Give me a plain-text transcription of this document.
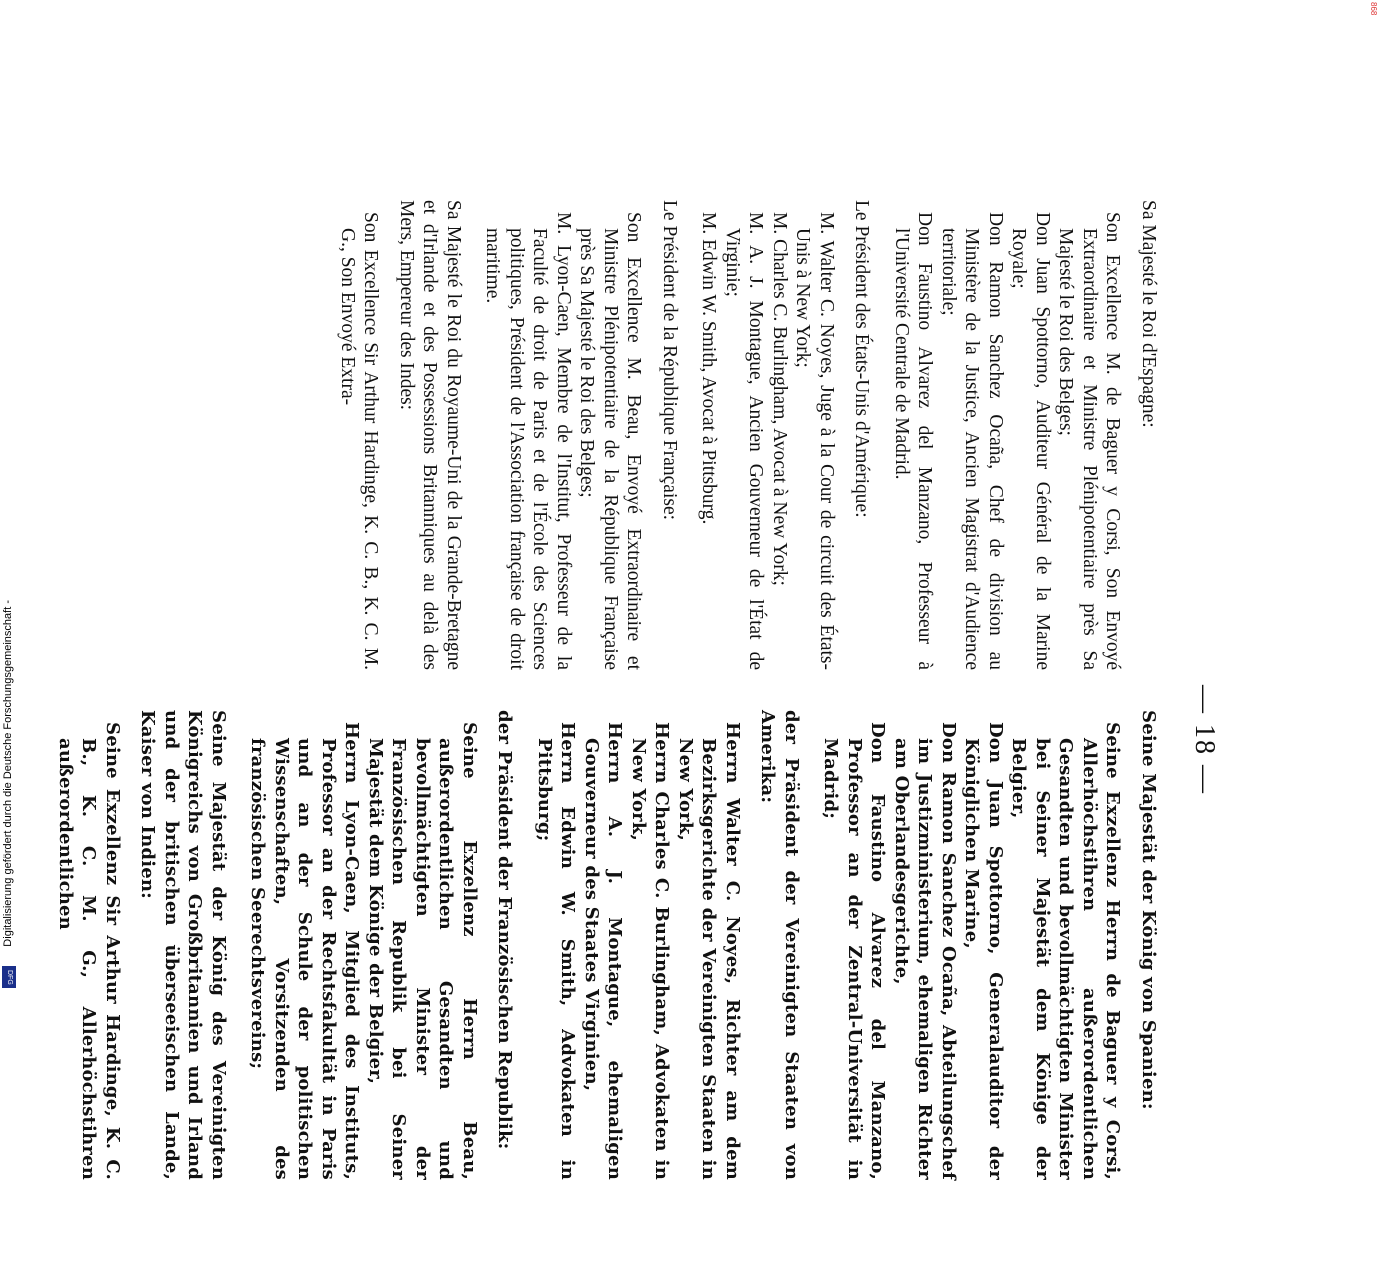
868
Digitalisierung gefördert durch die Deutsche Forschungsgemeinschaft -
DFG
— 18 —

Sa Majesté le Roi d'Espagne:

Son Excellence M. de Baguer y Corsi, Son Envoyé Extraordinaire et Ministre Plénipotentiaire près Sa Majesté le Roi des Belges;

Don Juan Spottorno, Auditeur Général de la Marine Royale;

Don Ramon Sanchez Ocaña, Chef de division au Ministère de la Justice, Ancien Magistrat d'Audience territoriale;

Don Faustino Alvarez del Manzano, Professeur à l'Université Centrale de Madrid.

Le Président des États-Unis d'Amérique:

M. Walter C. Noyes, Juge à la Cour de circuit des États-Unis à New York;

M. Charles C. Burlingham, Avocat à New York;

M. A. J. Montague, Ancien Gouverneur de l'État de Virginie;

M. Edwin W. Smith, Avocat à Pittsburg.

Le Président de la République Française:

Son Excellence M. Beau, Envoyé Extraordinaire et Ministre Plénipotentiaire de la République Française près Sa Majesté le Roi des Belges;

M. Lyon-Caen, Membre de l'Institut, Professeur de la Faculté de droit de Paris et de l'École des Sciences politiques, Président de l'Association française de droit maritime.

Sa Majesté le Roi du Royaume-Uni de la Grande-Bretagne et d'Irlande et des Possessions Britanniques au delà des Mers, Empereur des Indes:

Son Excellence Sir Arthur Hardinge, K. C. B., K. C. M. G., Son Envoyé Extra-

Seine Majestät der König von Spanien:

Seine Exzellenz Herrn de Baguer y Corsi, Allerhöchstihren außerordentlichen Gesandten und bevollmächtigten Minister bei Seiner Majestät dem Könige der Belgier,

Don Juan Spottorno, Generalauditor der Königlichen Marine,

Don Ramon Sanchez Ocaña, Abteilungschef im Justizministerium, ehemaligen Richter am Oberlandesgerichte,

Don Faustino Alvarez del Manzano, Professor an der Zentral-Universität in Madrid;

der Präsident der Vereinigten Staaten von Amerika:

Herrn Walter C. Noyes, Richter am dem Bezirksgerichte der Vereinigten Staaten in New York,

Herrn Charles C. Burlingham, Advokaten in New York,

Herrn A. J. Montague, ehemaligen Gouverneur des Staates Virginien,

Herrn Edwin W. Smith, Advokaten in Pittsburg;

der Präsident der Französischen Republik:

Seine Exzellenz Herrn Beau, außerordentlichen Gesandten und bevollmächtigten Minister der Französischen Republik bei Seiner Majestät dem Könige der Belgier,

Herrn Lyon-Caen, Mitglied des Instituts, Professor an der Rechtsfakultät in Paris und an der Schule der politischen Wissenschaften, Vorsitzenden des französischen Seerechtsvereins;

Seine Majestät der König des Vereinigten Königreichs von Großbritannien und Irland und der britischen überseeischen Lande, Kaiser von Indien:

Seine Exzellenz Sir Arthur Hardinge, K. C. B., K. C. M. G., Allerhöchstihren außerordentlichen
